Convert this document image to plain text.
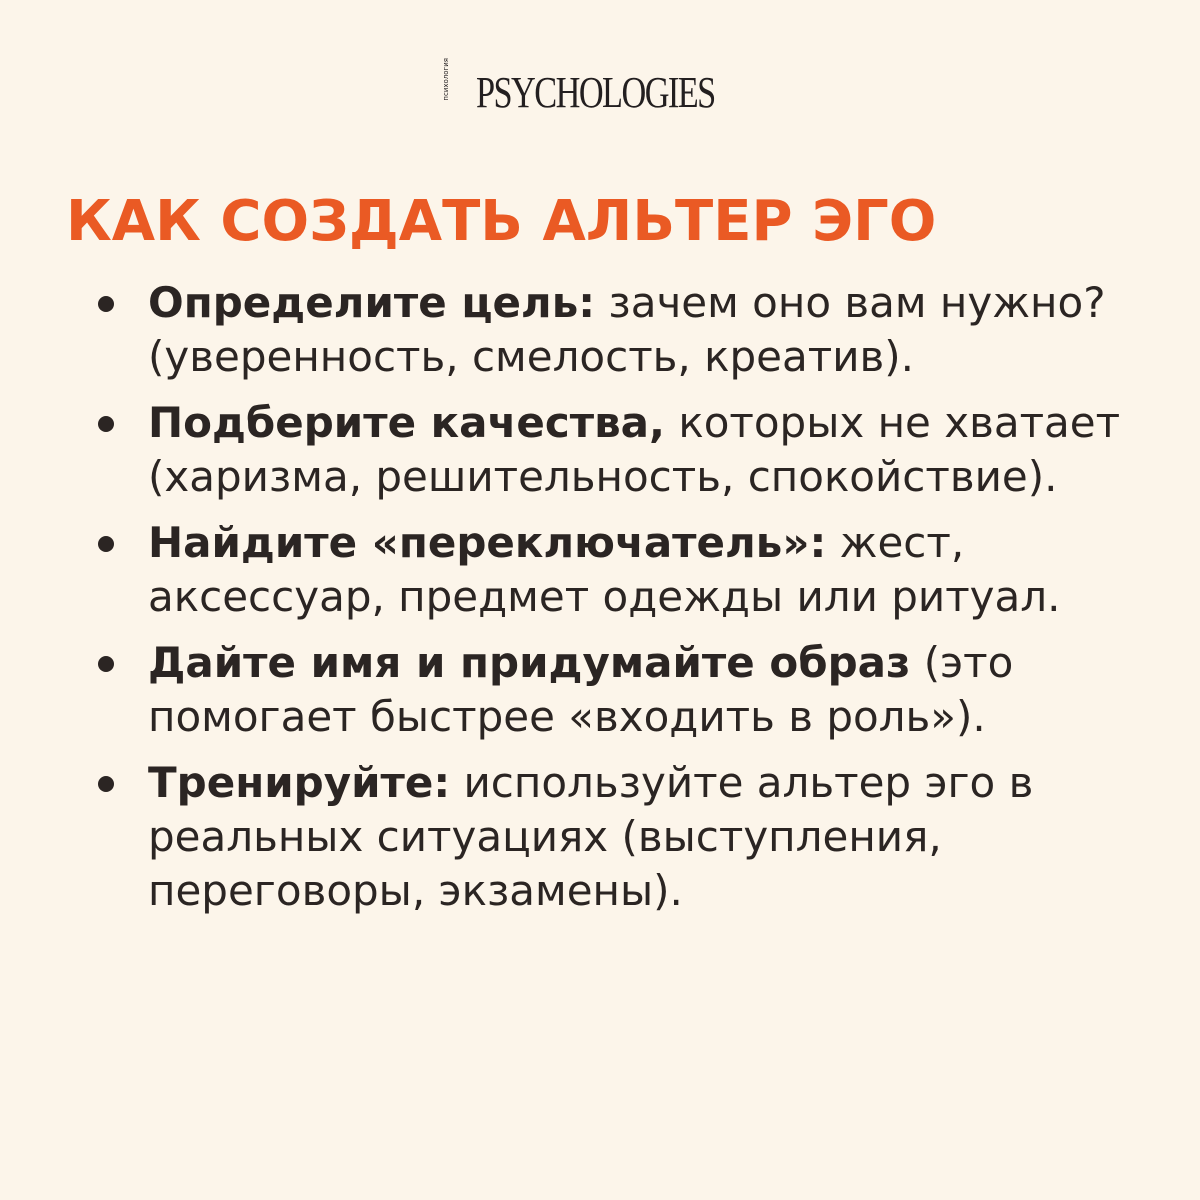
психология PSYCHOLOGIES
КАК СОЗДАТЬ АЛЬТЕР ЭГО
Определите цель: зачем оно вам нужно? (уверенность, смелость, креатив).
Подберите качества, которых не хватает (харизма, решительность, спокойствие).
Найдите «переключатель»: жест, аксессуар, предмет одежды или ритуал.
Дайте имя и придумайте образ (это помогает быстрее «входить в роль»).
Тренируйте: используйте альтер эго в реальных ситуациях (выступления, переговоры, экзамены).
